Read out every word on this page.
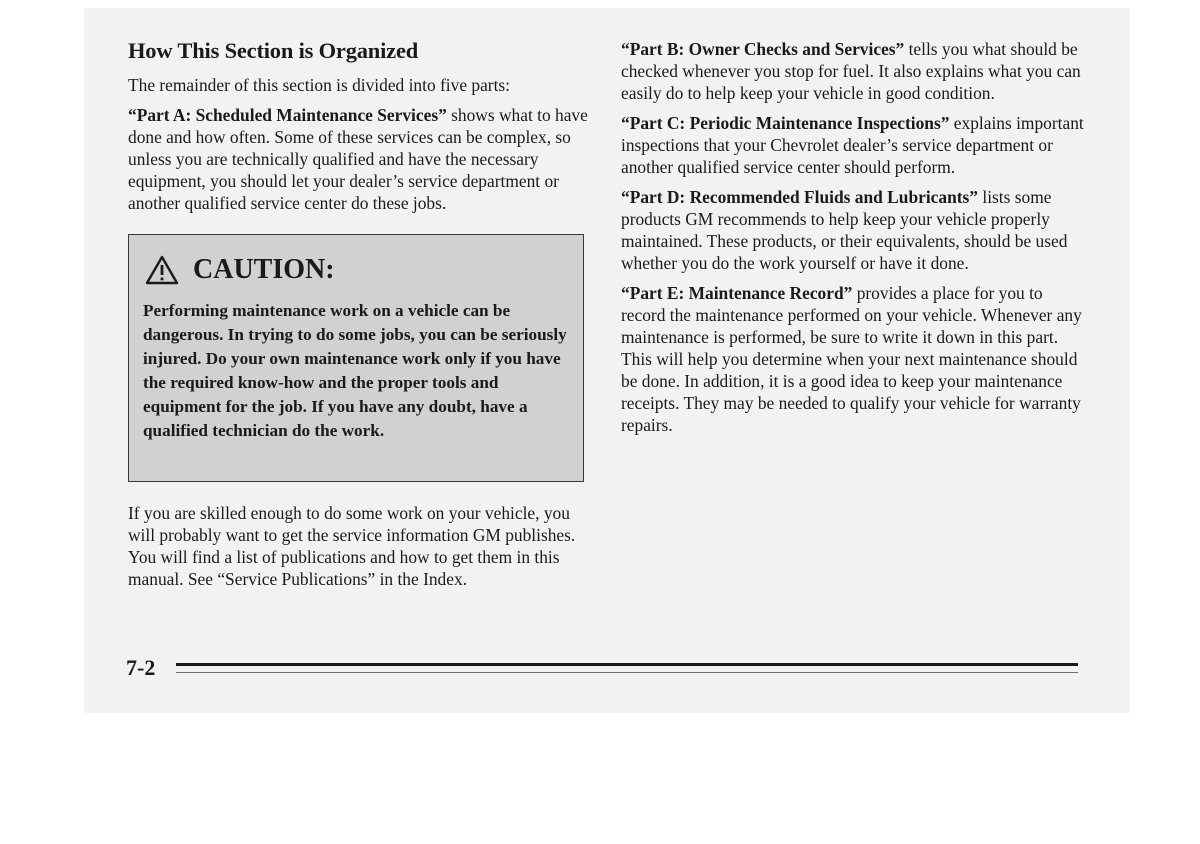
How This Section is Organized

The remainder of this section is divided into five parts:

“Part A: Scheduled Maintenance Services” shows what to have done and how often. Some of these services can be complex, so unless you are technically qualified and have the necessary equipment, you should let your dealer’s service department or another qualified service center do these jobs.

CAUTION:

Performing maintenance work on a vehicle can be dangerous. In trying to do some jobs, you can be seriously injured. Do your own maintenance work only if you have the required know-how and the proper tools and equipment for the job. If you have any doubt, have a qualified technician do the work.

If you are skilled enough to do some work on your vehicle, you will probably want to get the service information GM publishes. You will find a list of publications and how to get them in this manual. See “Service Publications” in the Index.

“Part B: Owner Checks and Services” tells you what should be checked whenever you stop for fuel. It also explains what you can easily do to help keep your vehicle in good condition.

“Part C: Periodic Maintenance Inspections” explains important inspections that your Chevrolet dealer’s service department or another qualified service center should perform.

“Part D: Recommended Fluids and Lubricants” lists some products GM recommends to help keep your vehicle properly maintained. These products, or their equivalents, should be used whether you do the work yourself or have it done.

“Part E: Maintenance Record” provides a place for you to record the maintenance performed on your vehicle. Whenever any maintenance is performed, be sure to write it down in this part. This will help you determine when your next maintenance should be done. In addition, it is a good idea to keep your maintenance receipts. They may be needed to qualify your vehicle for warranty repairs.

7-2
